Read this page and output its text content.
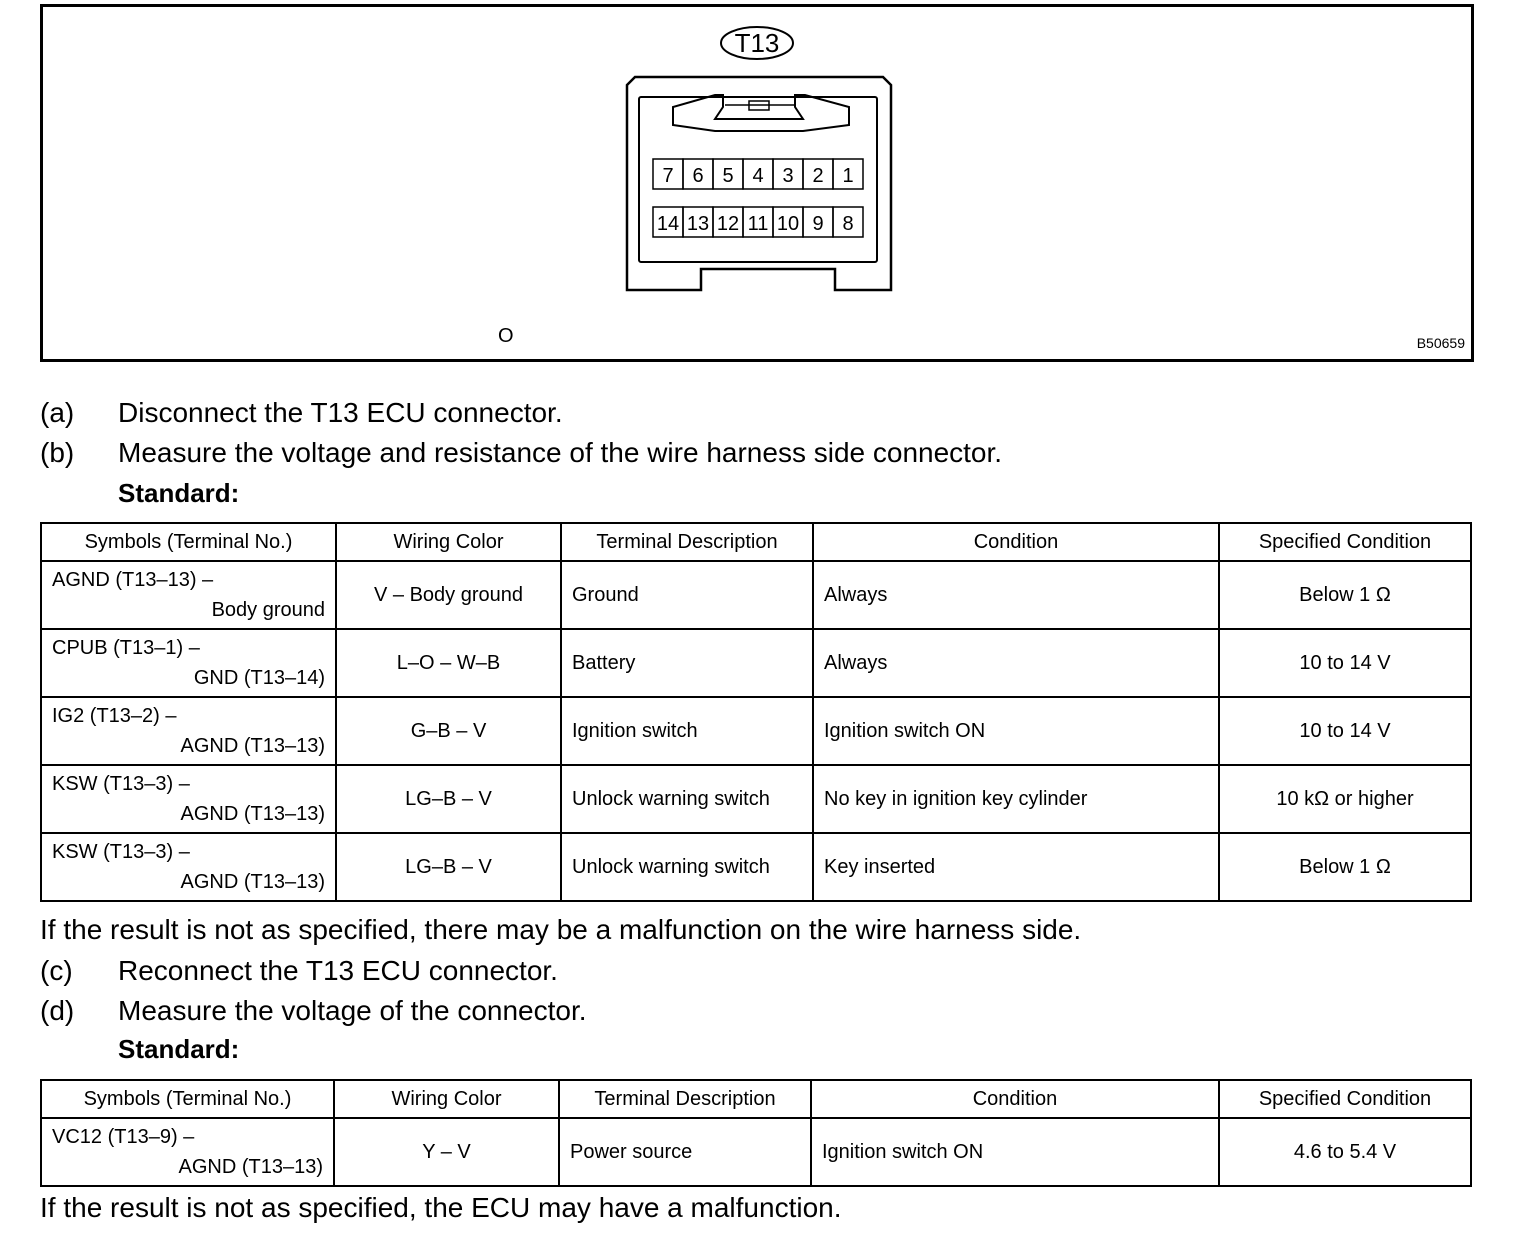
T13
7 6 5 4 3 2 1
14 13 12 11 10 9 8
O	B50659
(a) Disconnect the T13 ECU connector.
(b) Measure the voltage and resistance of the wire harness side connector.
Standard:
Symbols (Terminal No.)	Wiring Color	Terminal Description	Condition	Specified Condition

AGND (T13–13) –
Body ground	V – Body ground	Ground	Always	Below 1 Ω

CPUB (T13–1) –
GND (T13–14)	L–O – W–B	Battery	Always	10 to 14 V

IG2 (T13–2) –
AGND (T13–13)	G–B – V	Ignition switch	Ignition switch ON	10 to 14 V

KSW (T13–3) –
AGND (T13–13)	LG–B – V	Unlock warning switch	No key in ignition key cylinder	10 kΩ or higher

KSW (T13–3) –
AGND (T13–13)	LG–B – V	Unlock warning switch	Key inserted	Below 1 Ω
If the result is not as specified, there may be a malfunction on the wire harness side.
(c) Reconnect the T13 ECU connector.
(d) Measure the voltage of the connector.
Standard:
Symbols (Terminal No.)	Wiring Color	Terminal Description	Condition	Specified Condition

VC12 (T13–9) –
AGND (T13–13)	Y – V	Power source	Ignition switch ON	4.6 to 5.4 V
If the result is not as specified, the ECU may have a malfunction.
